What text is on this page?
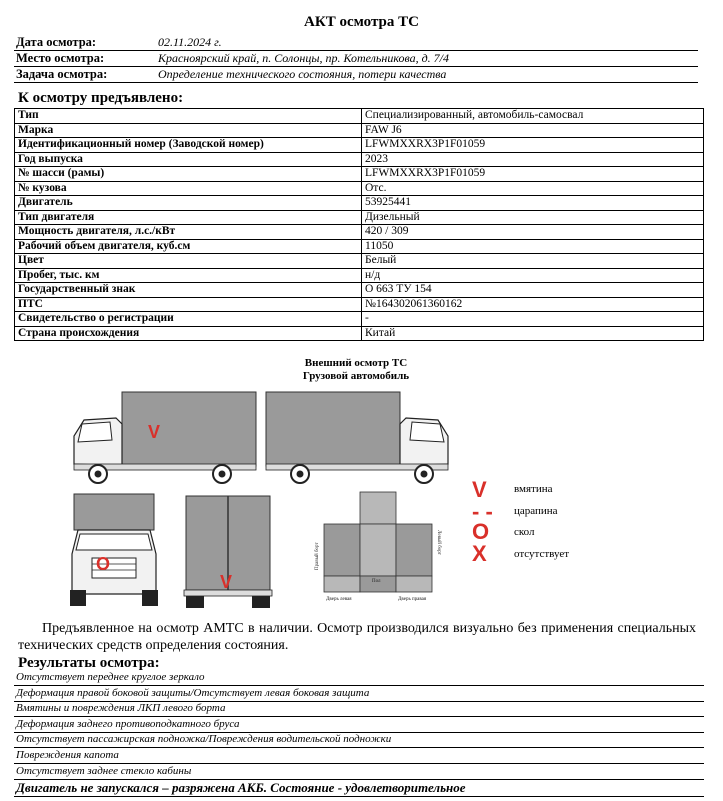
АКТ осмотра ТС
Дата осмотра:	02.11.2024 г.
Место осмотра:	Красноярский край, п. Солонцы, пр. Котельникова, д. 7/4
Задача осмотра:	Определение технического состояния, потери качества
К осмотру предъявлено:
Тип	Специализированный, автомобиль-самосвал
Марка	FAW J6
Идентификационный номер (Заводской номер)	LFWMXXRX3P1F01059
Год выпуска	2023
№ шасси (рамы)	LFWMXXRX3P1F01059
№ кузова	Отс.
Двигатель	53925441
Тип двигателя	Дизельный
Мощность двигателя, л.с./кВт	420 / 309
Рабочий объем двигателя, куб.см	11050
Цвет	Белый
Пробег, тыс. км	н/д
Государственный знак	О 663 ТУ 154
ПТС	№164302061360162
Свидетельство о регистрации	-
Страна происхождения	Китай
Внешний осмотр ТС
Грузовой автомобиль
V
O
V
Правый борт	Левый борт
Пол
Дверь левая	Дверь правая
V вмятина
- - царапина
O скол
X отсутствует
Предъявленное на осмотр АМТС в наличии. Осмотр производился визуально без применения специальных технических средств определения состояния.
Результаты осмотра:
Отсутствует переднее круглое зеркало
Деформация правой боковой защиты/Отсутствует левая боковая защита
Вмятины и повреждения ЛКП левого борта
Деформация заднего противоподкатного бруса
Отсутствует пассажирская подножка/Повреждения водительской подножки
Повреждения капота
Отсутствует заднее стекло кабины
Двигатель не запускался – разряжена АКБ. Состояние - удовлетворительное
